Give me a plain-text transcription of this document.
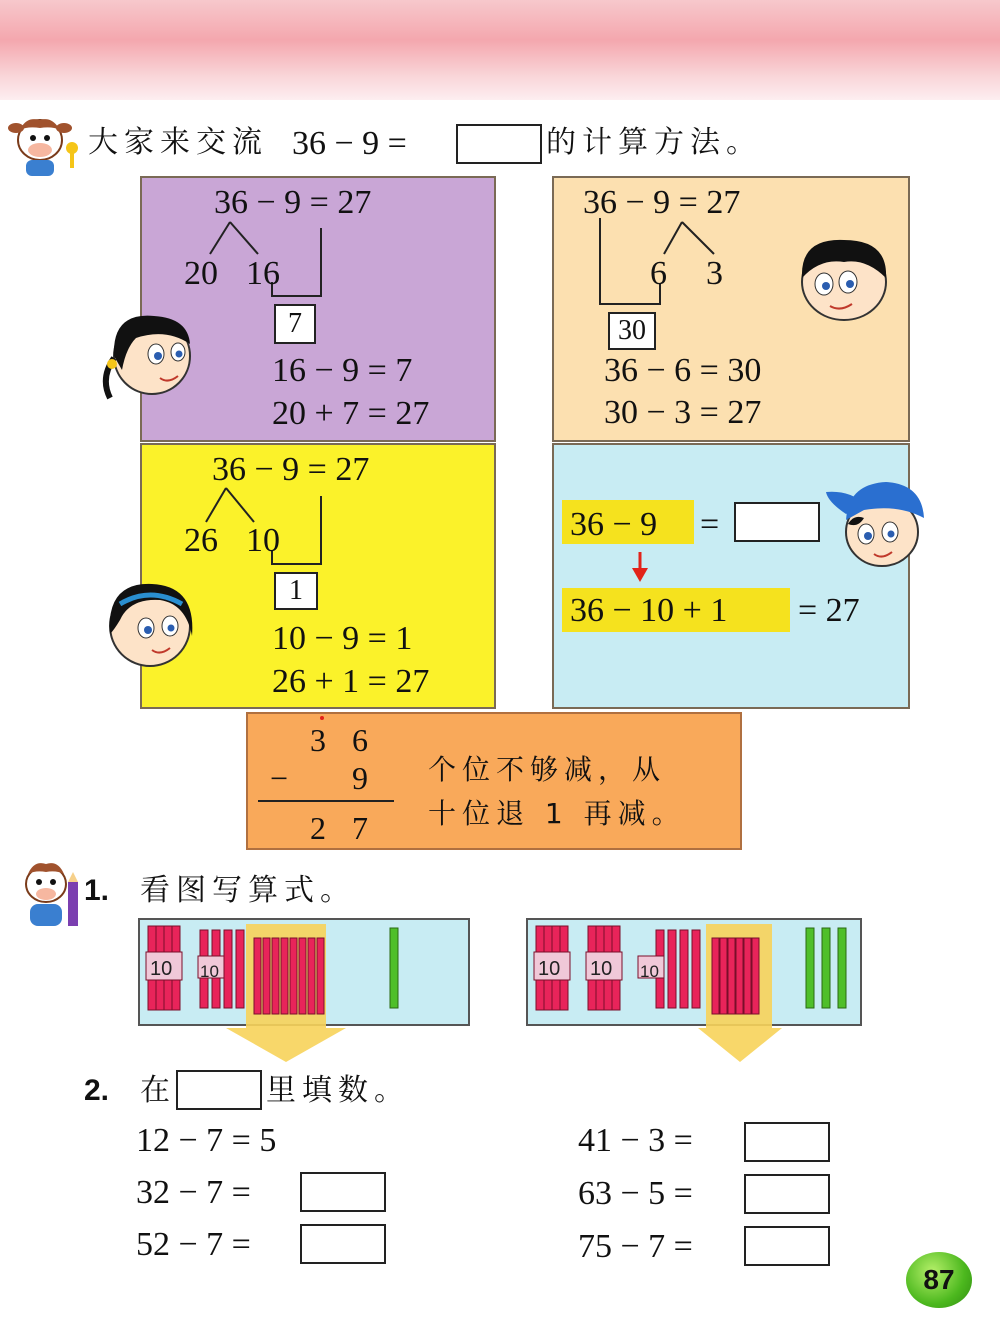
大家来交流 36 − 9 =	的计算方法。
36 − 9 = 27
20 16
7
16 − 9 = 7
20 + 7 = 27
36 − 9 = 27
6 3
30
36 − 6 = 30
30 − 3 = 27
36 − 9 = 27
26 10
1
10 − 9 = 1
26 + 1 = 27
36 − 9 =
36 − 10 + 1 = 27
3 6
− 9
2 7
个位不够减，从
十位退 1 再减。
1. 看图写算式。
10 10	10 10 10
2. 在	里填数。
12 − 7 = 5
32 − 7 =
52 − 7 =
41 − 3 =
63 − 5 =
75 − 7 =
87
